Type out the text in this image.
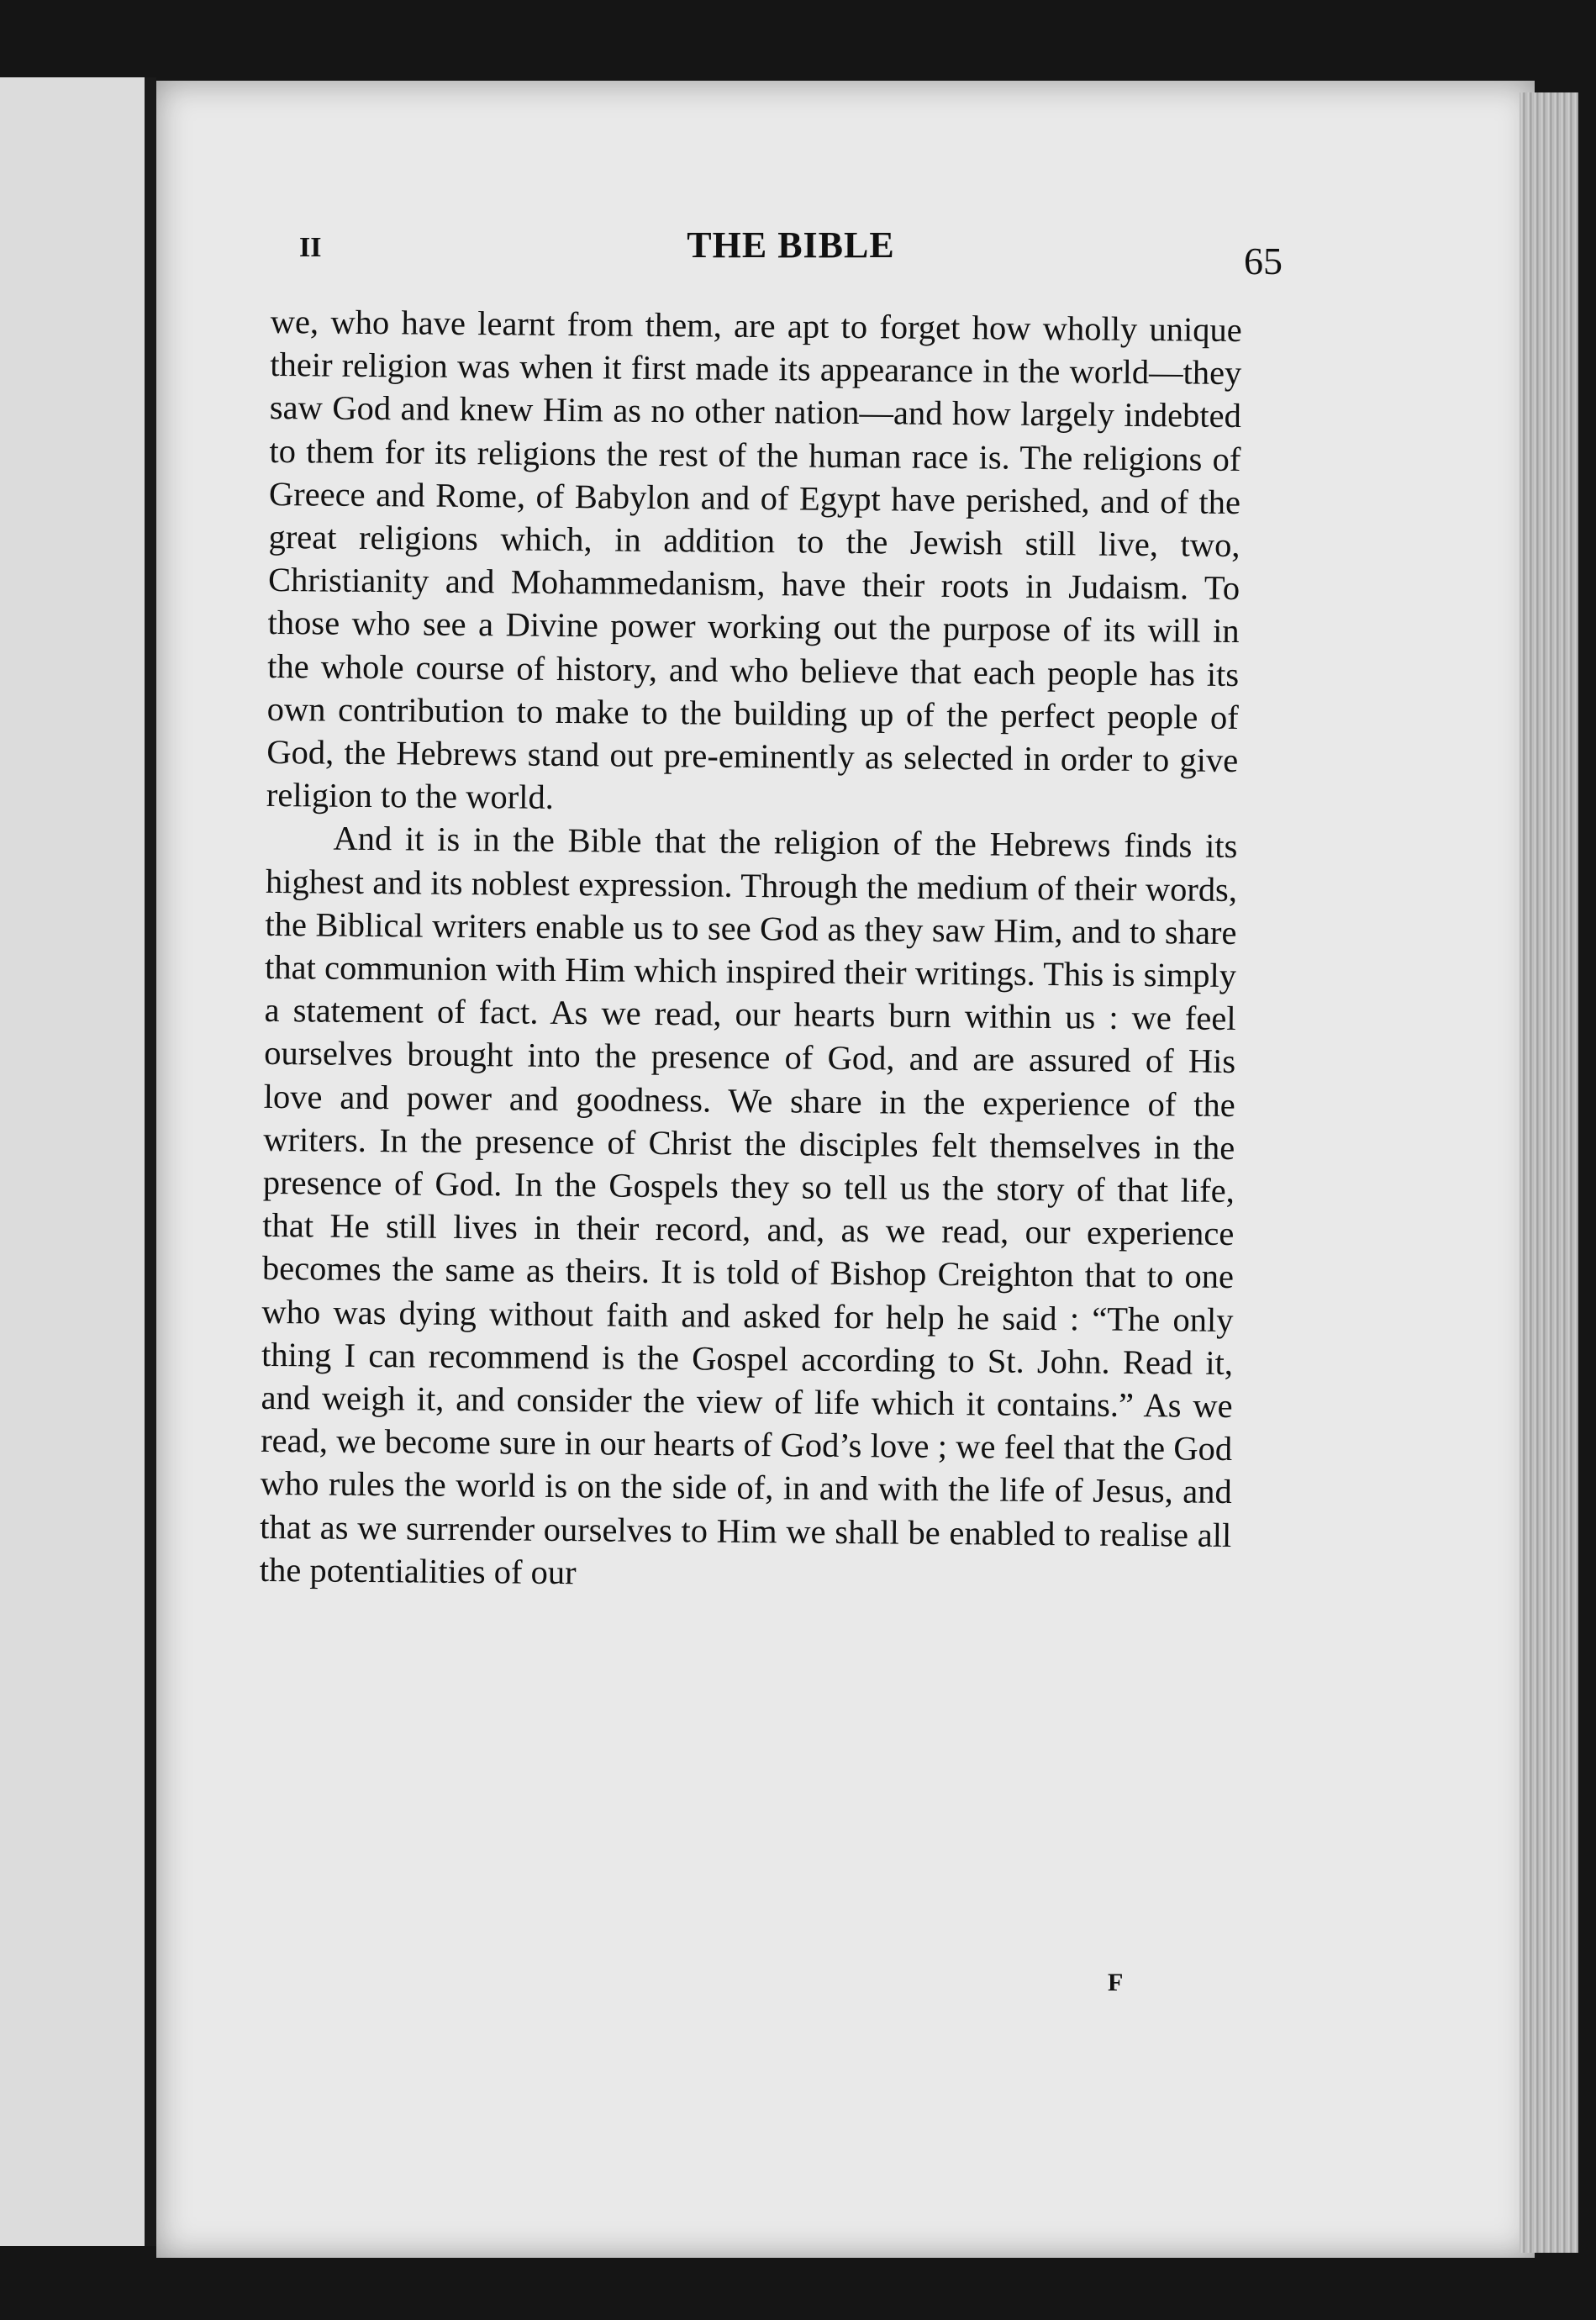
II	THE BIBLE	65

we, who have learnt from them, are apt to forget how wholly unique their religion was when it first made its appearance in the world—they saw God and knew Him as no other nation—and how largely indebted to them for its religions the rest of the human race is. The religions of Greece and Rome, of Babylon and of Egypt have perished, and of the great religions which, in addition to the Jewish still live, two, Christianity and Mohammedanism, have their roots in Judaism. To those who see a Divine power working out the purpose of its will in the whole course of history, and who believe that each people has its own contribution to make to the building up of the perfect people of God, the Hebrews stand out pre-eminently as selected in order to give religion to the world.

And it is in the Bible that the religion of the Hebrews finds its highest and its noblest expression. Through the medium of their words, the Biblical writers enable us to see God as they saw Him, and to share that communion with Him which inspired their writings. This is simply a statement of fact. As we read, our hearts burn within us : we feel ourselves brought into the presence of God, and are assured of His love and power and goodness. We share in the experience of the writers. In the presence of Christ the disciples felt themselves in the presence of God. In the Gospels they so tell us the story of that life, that He still lives in their record, and, as we read, our experience becomes the same as theirs. It is told of Bishop Creighton that to one who was dying without faith and asked for help he said : “The only thing I can recommend is the Gospel according to St. John. Read it, and weigh it, and consider the view of life which it contains.” As we read, we become sure in our hearts of God’s love ; we feel that the God who rules the world is on the side of, in and with the life of Jesus, and that as we surrender ourselves to Him we shall be enabled to realise all the potentialities of our

F
